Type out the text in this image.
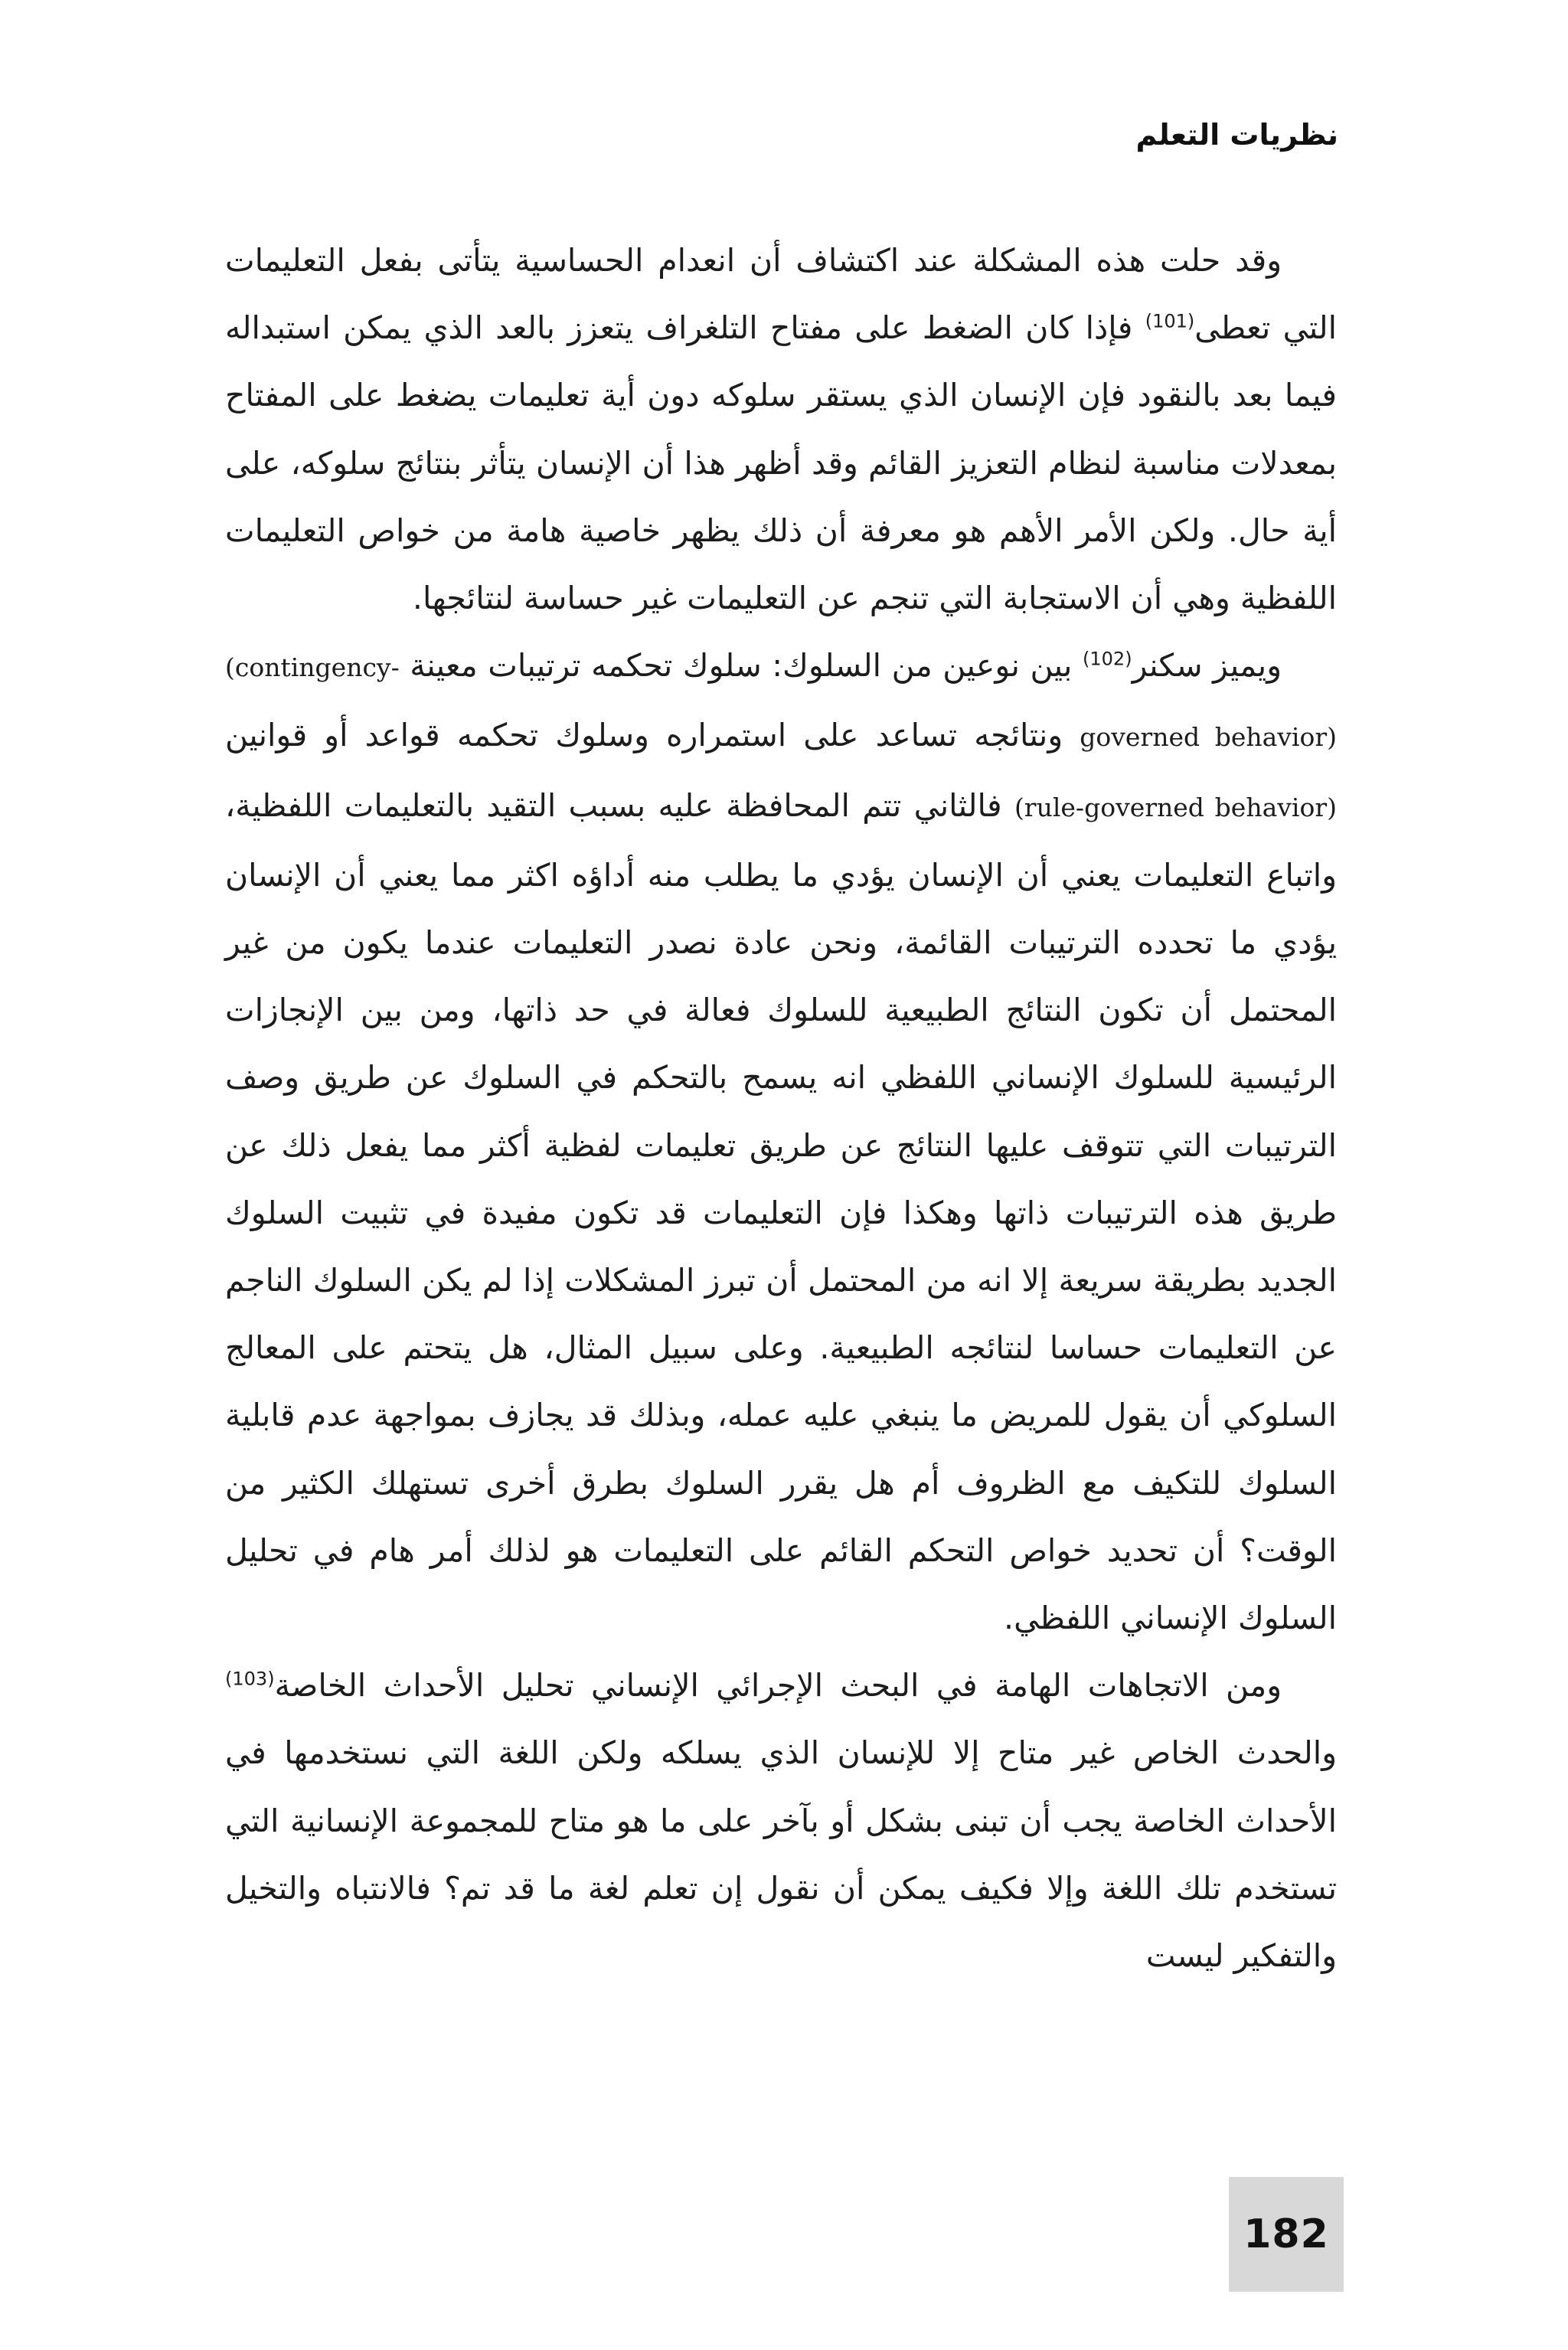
نظريات التعلم

وقد حلت هذه المشكلة عند اكتشاف أن انعدام الحساسية يتأتى بفعل التعليمات التي تعطى$^{(101)}$ فإذا كان الضغط على مفتاح التلغراف يتعزز بالعد الذي يمكن استبداله فيما بعد بالنقود فإن الإنسان الذي يستقر سلوكه دون أية تعليمات يضغط على المفتاح بمعدلات مناسبة لنظام التعزيز القائم وقد أظهر هذا أن الإنسان يتأثر بنتائج سلوكه، على أية حال. ولكن الأمر الأهم هو معرفة أن ذلك يظهر خاصية هامة من خواص التعليمات اللفظية وهي أن الاستجابة التي تنجم عن التعليمات غير حساسة لنتائجها.

ويميز سكنر$^{(102)}$ بين نوعين من السلوك: سلوك تحكمه ترتيبات معينة (contingency-governed behavior) ونتائجه تساعد على استمراره وسلوك تحكمه قواعد أو قوانين (rule-governed behavior) فالثاني تتم المحافظة عليه بسبب التقيد بالتعليمات اللفظية، واتباع التعليمات يعني أن الإنسان يؤدي ما يطلب منه أداؤه اكثر مما يعني أن الإنسان يؤدي ما تحدده الترتيبات القائمة، ونحن عادة نصدر التعليمات عندما يكون من غير المحتمل أن تكون النتائج الطبيعية للسلوك فعالة في حد ذاتها، ومن بين الإنجازات الرئيسية للسلوك الإنساني اللفظي انه يسمح بالتحكم في السلوك عن طريق وصف الترتيبات التي تتوقف عليها النتائج عن طريق تعليمات لفظية أكثر مما يفعل ذلك عن طريق هذه الترتيبات ذاتها وهكذا فإن التعليمات قد تكون مفيدة في تثبيت السلوك الجديد بطريقة سريعة إلا انه من المحتمل أن تبرز المشكلات إذا لم يكن السلوك الناجم عن التعليمات حساسا لنتائجه الطبيعية. وعلى سبيل المثال، هل يتحتم على المعالج السلوكي أن يقول للمريض ما ينبغي عليه عمله، وبذلك قد يجازف بمواجهة عدم قابلية السلوك للتكيف مع الظروف أم هل يقرر السلوك بطرق أخرى تستهلك الكثير من الوقت؟ أن تحديد خواص التحكم القائم على التعليمات هو لذلك أمر هام في تحليل السلوك الإنساني اللفظي.

ومن الاتجاهات الهامة في البحث الإجرائي الإنساني تحليل الأحداث الخاصة$^{(103)}$ والحدث الخاص غير متاح إلا للإنسان الذي يسلكه ولكن اللغة التي نستخدمها في الأحداث الخاصة يجب أن تبنى بشكل أو بآخر على ما هو متاح للمجموعة الإنسانية التي تستخدم تلك اللغة وإلا فكيف يمكن أن نقول إن تعلم لغة ما قد تم؟ فالانتباه والتخيل والتفكير ليست

182
